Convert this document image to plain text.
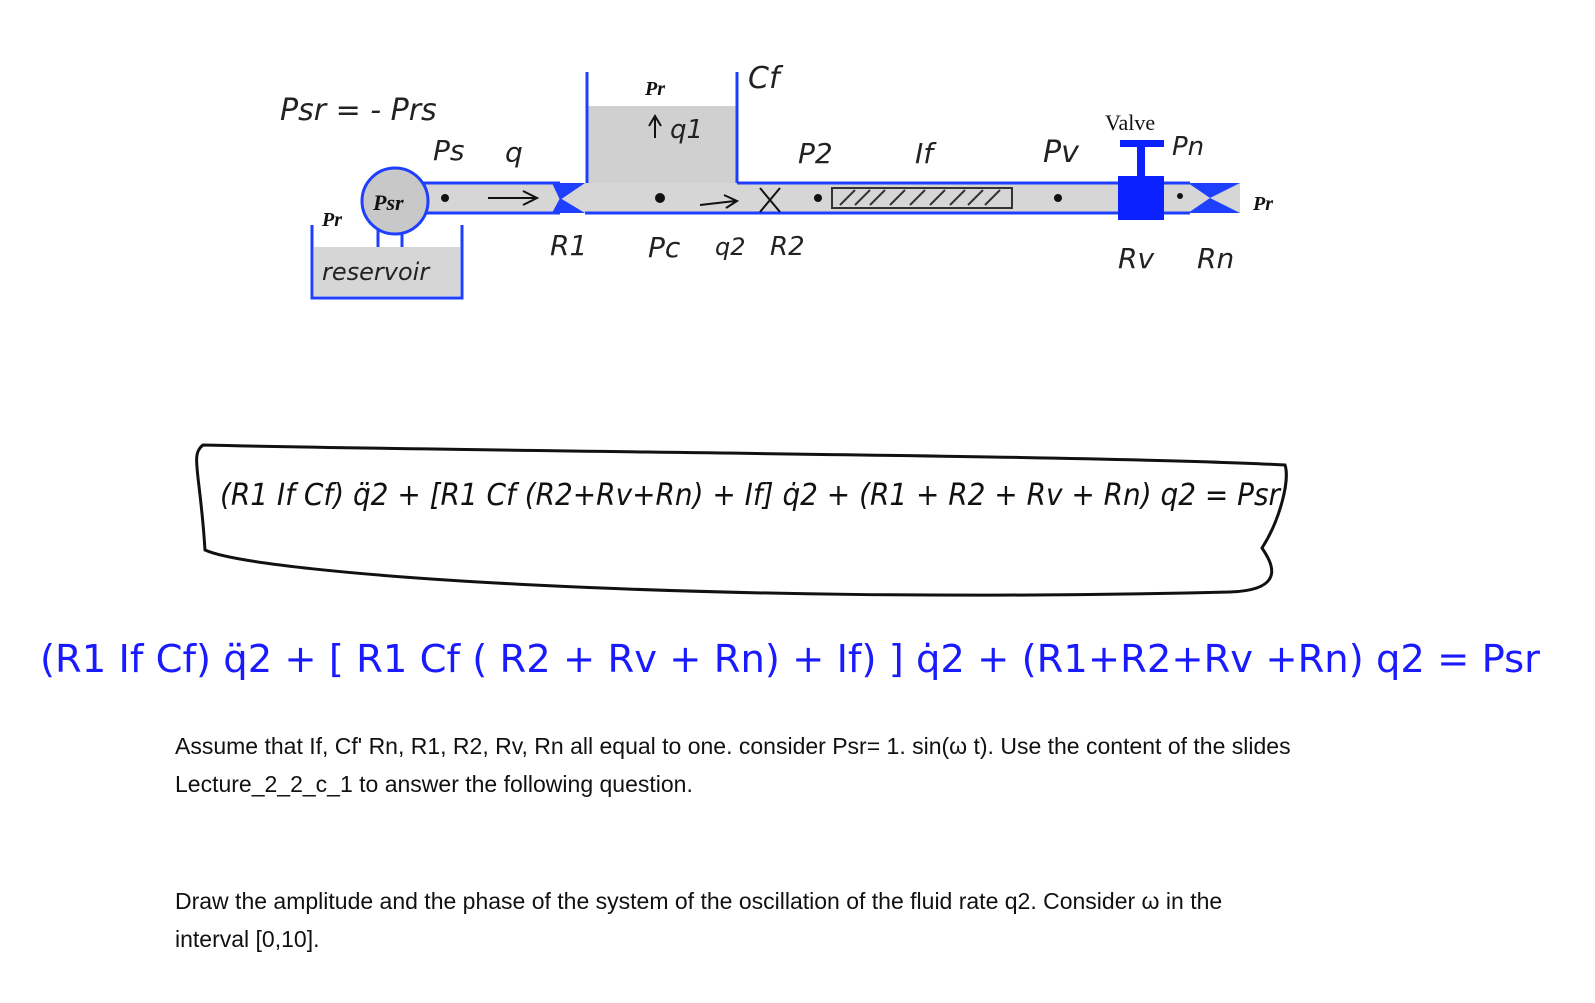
Psr = - Prs
Ps q
Psr
Pr
reservoir
Pr
q1
Cf
R1 Pc q2 R2
P2	If	Pv
Valve
Pn
Rv Rn
Pr
(R1 If Cf) q̈2 + [R1 Cf (R2+Rv+Rn) + If] q̇2 + (R1 + R2 + Rv + Rn) q2 = Psr
(R1 If Cf) q̈2 + [ R1 Cf ( R2 + Rv + Rn) + If) ] q̇2 + (R1+R2+Rv +Rn) q2 = Psr

Assume that If, Cf' Rn, R1, R2, Rv, Rn all equal to one. consider Psr= 1. sin(ω t). Use the content of the slides
Lecture_2_2_c_1 to answer the following question.

Draw the amplitude and the phase of the system of the oscillation of the fluid rate q2. Consider ω in the
interval [0,10].
